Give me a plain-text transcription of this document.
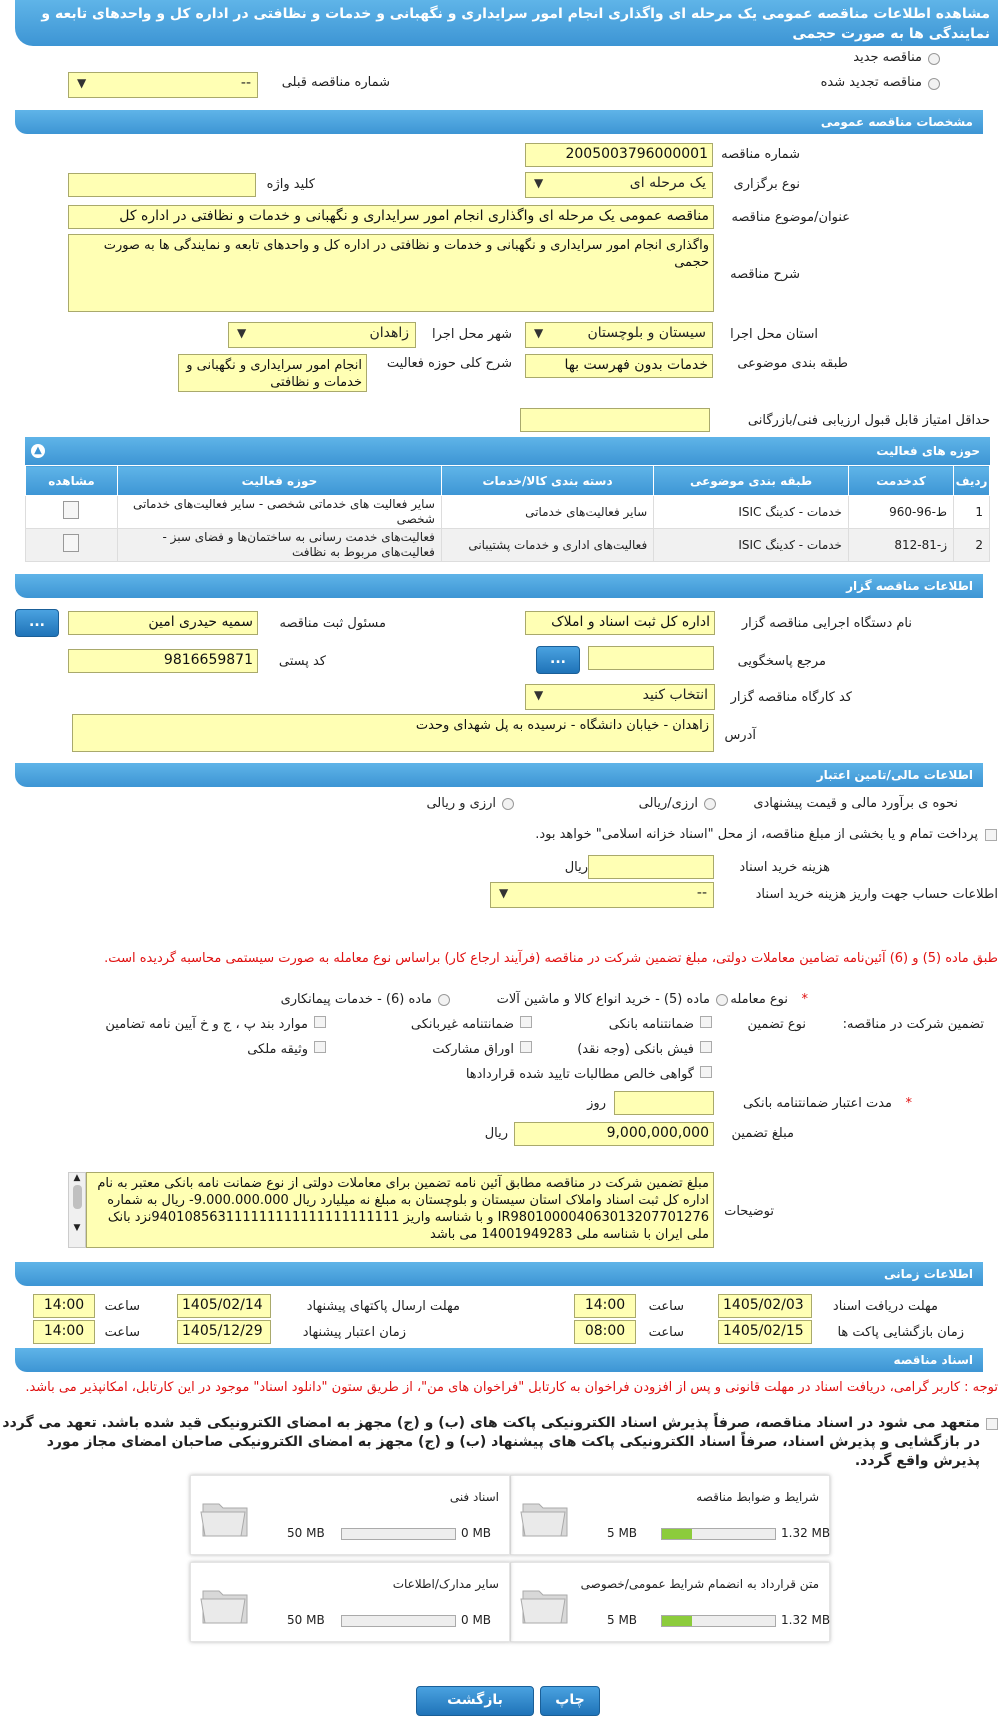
مشاهده اطلاعات مناقصه عمومی یک مرحله ای واگذاری انجام امور سرایداری و نگهبانی و خدمات و نظافتی در اداره کل و واحدهای تابعه و نمایندگی ها به صورت حجمی
مناقصه جدید
مناقصه تجدید شده
شماره مناقصه قبلی
--
▼
مشخصات مناقصه عمومی
شماره مناقصه
2005003796000001
نوع برگزاری
یک مرحله ای
▼
کلید واژه
عنوان/موضوع مناقصه
مناقصه عمومی یک مرحله ای واگذاری انجام امور سرایداری و نگهبانی و خدمات و نظافتی در اداره کل
شرح مناقصه
واگذاری انجام امور سرایداری و نگهبانی و خدمات و نظافتی در اداره کل و واحدهای تابعه و نمایندگی ها به صورت حجمی
استان محل اجرا
سیستان و بلوچستان
▼
شهر محل اجرا
زاهدان
▼
طبقه بندی موضوعی
خدمات بدون فهرست بها
شرح کلی حوزه فعالیت
انجام امور سرایداری و نگهبانی و خدمات و نظافتی
حداقل امتیاز قابل قبول ارزیابی فنی/بازرگانی
حوزه های فعالیت
▲
ردیف	کدخدمت	طبقه بندی موضوعی	دسته بندی کالا/خدمات	حوزه فعالیت	مشاهده
1	ط-96-960	خدمات - کدینگ ISIC	سایر فعالیت‌های خدماتی	سایر فعالیت های خدماتی شخصی - سایر فعالیت‌های خدماتی شخصی	
2	ز-81-812	خدمات - کدینگ ISIC	فعالیت‌های اداری و خدمات پشتیبانی	فعالیت‌های خدمت رسانی به ساختمان‌ها و فضای سبز - فعالیت‌های مربوط به نظافت	
اطلاعات مناقصه گزار
نام دستگاه اجرایی مناقصه گزار
اداره کل ثبت اسناد و املاک
مسئول ثبت مناقصه
سمیه حیدری امین
...
مرجع پاسخگویی
...
کد پستی
9816659871
کد کارگاه مناقصه گزار
انتخاب کنید
▼
آدرس
زاهدان - خیابان دانشگاه - نرسیده به پل شهدای وحدت
اطلاعات مالی/تامین اعتبار
نحوه ی برآورد مالی و قیمت پیشنهادی
ارزی/ریالی
ارزی و ریالی
پرداخت تمام و یا بخشی از مبلغ مناقصه، از محل "اسناد خزانه اسلامی" خواهد بود.
هزینه خرید اسناد
ریال
اطلاعات حساب جهت واریز هزینه خرید اسناد
--
▼
طبق ماده (5) و (6) آئین‌نامه تضامین معاملات دولتی، مبلغ تضمین شرکت در مناقصه (فرآیند ارجاع کار) براساس نوع معامله به صورت سیستمی محاسبه گردیده است.
*
نوع معامله
ماده (5) - خرید انواع کالا و ماشین آلات
ماده (6) - خدمات پیمانکاری
تضمین شرکت در مناقصه:
نوع تضمین
ضمانتنامه بانکی
ضمانتنامه غیربانکی
موارد بند پ ، ج و خ آیین نامه تضامین
فیش بانکی (وجه نقد)
اوراق مشارکت
وثیقه ملکی
گواهی خالص مطالبات تایید شده قراردادها
*
مدت اعتبار ضمانتنامه بانکی
روز
مبلغ تضمین
9,000,000,000
ریال
توضیحات
مبلغ تضمین شرکت در مناقصه مطابق آئین نامه تضمین برای معاملات دولتی از نوع ضمانت نامه بانکی معتبر به نام اداره کل ثبت اسناد واملاک استان سیستان و بلوچستان به مبلغ نه میلیارد ریال 9.000.000.000- ریال به شماره IR980100004063013207701276 و با شناسه واریز 940108563111111111111111111111نزد بانک ملی ایران با شناسه ملی 14001949283 می باشد
▲
▼
اطلاعات زمانی
مهلت دریافت اسناد
1405/02/03
ساعت
14:00
مهلت ارسال پاکتهای پیشنهاد
1405/02/14
ساعت
14:00
زمان بازگشایی پاکت ها
1405/02/15
ساعت
08:00
زمان اعتبار پیشنهاد
1405/12/29
ساعت
14:00
اسناد مناقصه
توجه : کاربر گرامی، دریافت اسناد در مهلت قانونی و پس از افزودن فراخوان به کارتابل "فراخوان های من"، از طریق ستون "دانلود اسناد" موجود در این کارتابل، امکانپذیر می باشد.
متعهد می شود در اسناد مناقصه، صرفاً پذیرش اسناد الکترونیکی پاکت های (ب) و (ج) مجهز به امضای الکترونیکی قید شده باشد. تعهد می گردد در بازگشایی و پذیرش اسناد، صرفاً اسناد الکترونیکی پاکت های پیشنهاد (ب) و (ج) مجهز به امضای الکترونیکی صاحبان امضای مجاز مورد پذیرش واقع گردد.
شرایط و ضوابط مناقصه
1.32 MB
5 MB
اسناد فنی
0 MB
50 MB
متن قرارداد به انضمام شرایط عمومی/خصوصی
1.32 MB
5 MB
سایر مدارک/اطلاعات
0 MB
50 MB
چاپ
بازگشت
